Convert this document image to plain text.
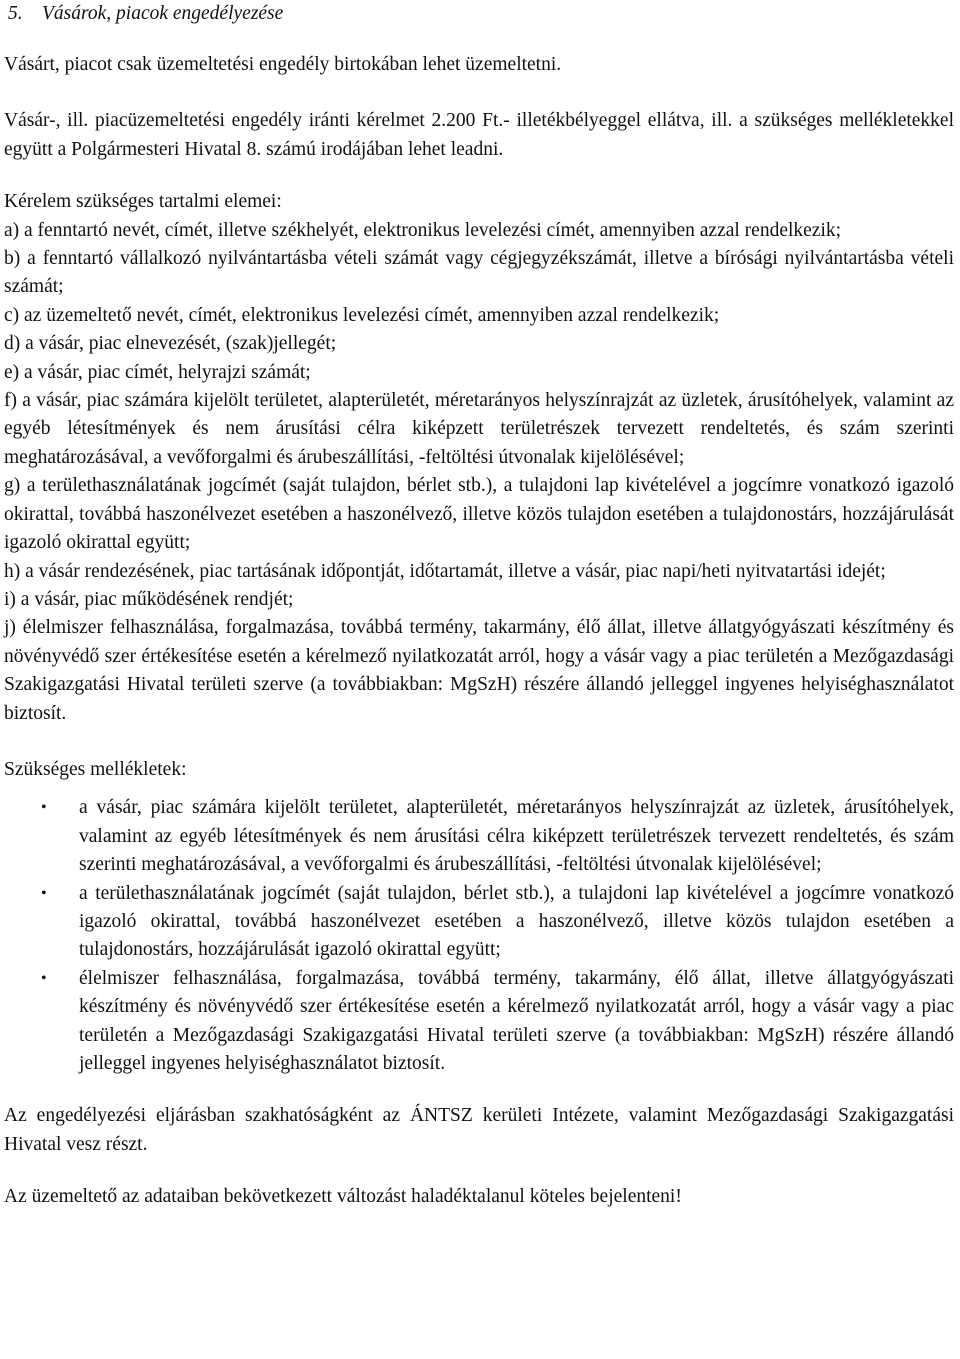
5. Vásárok, piacok engedélyezése

Vásárt, piacot csak üzemeltetési engedély birtokában lehet üzemeltetni.

Vásár-, ill. piacüzemeltetési engedély iránti kérelmet 2.200 Ft.- illetékbélyeggel ellátva, ill. a szükséges mellékletekkel együtt a Polgármesteri Hivatal 8. számú irodájában lehet leadni.

Kérelem szükséges tartalmi elemei:

a) a fenntartó nevét, címét, illetve székhelyét, elektronikus levelezési címét, amennyiben azzal rendelkezik;

b) a fenntartó vállalkozó nyilvántartásba vételi számát vagy cégjegyzékszámát, illetve a bírósági nyilvántartásba vételi számát;

c) az üzemeltető nevét, címét, elektronikus levelezési címét, amennyiben azzal rendelkezik;

d) a vásár, piac elnevezését, (szak)jellegét;

e) a vásár, piac címét, helyrajzi számát;

f) a vásár, piac számára kijelölt területet, alapterületét, méretarányos helyszínrajzát az üzletek, árusítóhelyek, valamint az egyéb létesítmények és nem árusítási célra kiképzett területrészek tervezett rendeltetés, és szám szerinti meghatározásával, a vevőforgalmi és árubeszállítási, -feltöltési útvonalak kijelölésével;

g) a területhasználatának jogcímét (saját tulajdon, bérlet stb.), a tulajdoni lap kivételével a jogcímre vonatkozó igazoló okirattal, továbbá haszonélvezet esetében a haszonélvező, illetve közös tulajdon esetében a tulajdonostárs, hozzájárulását igazoló okirattal együtt;

h) a vásár rendezésének, piac tartásának időpontját, időtartamát, illetve a vásár, piac napi/heti nyitvatartási idejét;

i) a vásár, piac működésének rendjét;

j) élelmiszer felhasználása, forgalmazása, továbbá termény, takarmány, élő állat, illetve állatgyógyászati készítmény és növényvédő szer értékesítése esetén a kérelmező nyilatkozatát arról, hogy a vásár vagy a piac területén a Mezőgazdasági Szakigazgatási Hivatal területi szerve (a továbbiakban: MgSzH) részére állandó jelleggel ingyenes helyiséghasználatot biztosít.

Szükséges mellékletek:

• a vásár, piac számára kijelölt területet, alapterületét, méretarányos helyszínrajzát az üzletek, árusítóhelyek, valamint az egyéb létesítmények és nem árusítási célra kiképzett területrészek tervezett rendeltetés, és szám szerinti meghatározásával, a vevőforgalmi és árubeszállítási, -feltöltési útvonalak kijelölésével;
• a területhasználatának jogcímét (saját tulajdon, bérlet stb.), a tulajdoni lap kivételével a jogcímre vonatkozó igazoló okirattal, továbbá haszonélvezet esetében a haszonélvező, illetve közös tulajdon esetében a tulajdonostárs, hozzájárulását igazoló okirattal együtt;
• élelmiszer felhasználása, forgalmazása, továbbá termény, takarmány, élő állat, illetve állatgyógyászati készítmény és növényvédő szer értékesítése esetén a kérelmező nyilatkozatát arról, hogy a vásár vagy a piac területén a Mezőgazdasági Szakigazgatási Hivatal területi szerve (a továbbiakban: MgSzH) részére állandó jelleggel ingyenes helyiséghasználatot biztosít.

Az engedélyezési eljárásban szakhatóságként az ÁNTSZ kerületi Intézete, valamint Mezőgazdasági Szakigazgatási Hivatal vesz részt.

Az üzemeltető az adataiban bekövetkezett változást haladéktalanul köteles bejelenteni!
